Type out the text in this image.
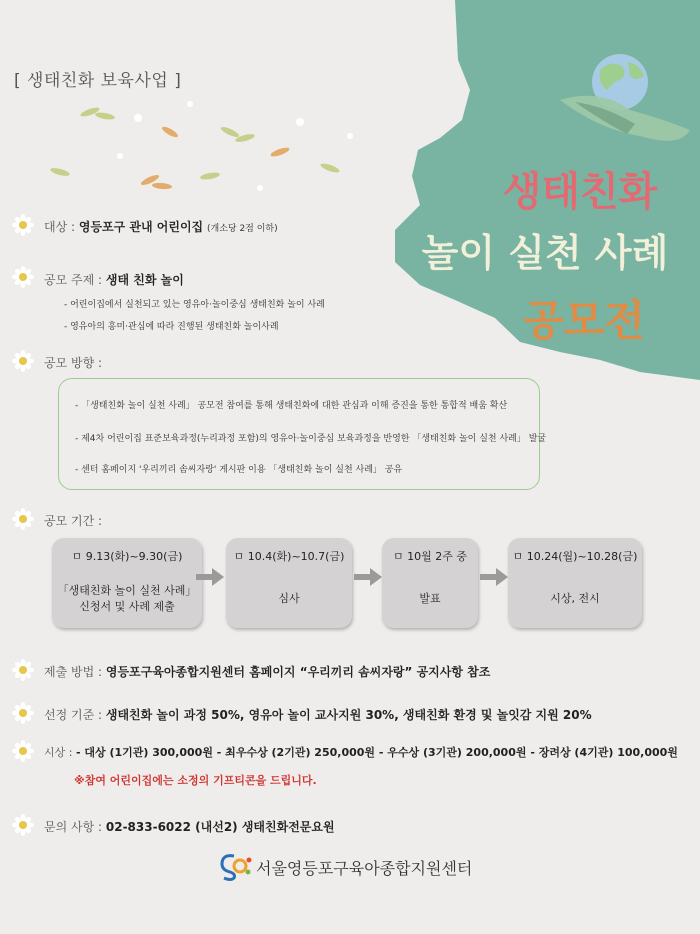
[ 생태친화 보육사업 ]
생태친화
놀이 실천 사례
공모전
대상 : 영등포구 관내 어린이집 (개소당 2점 이하)
공모 주제 : 생태 친화 놀이
- 어린이집에서 실천되고 있는 영유아·놀이중심 생태친화 놀이 사례
- 영유아의 흥미·관심에 따라 진행된 생태친화 놀이사례
공모 방향 :
- 「생태친화 놀이 실천 사례」 공모전 참여를 통해 생태친화에 대한 관심과 이해 증진을 통한 통합적 배움 확산
- 제4차 어린이집 표준보육과정(누리과정 포함)의 영유아·놀이중심 보육과정을 반영한 「생태친화 놀이 실천 사례」 발굴
- 센터 홈페이지 '우리끼리 솜씨자랑' 게시판 이용 「생태친화 놀이 실천 사례」 공유
공모 기간 :
ㅁ 9.13(화)~9.30(금)
「생태친화 놀이 실천 사례」
신청서 및 사례 제출
ㅁ 10.4(화)~10.7(금)
심사
ㅁ 10월 2주 중
발표
ㅁ 10.24(월)~10.28(금)
시상, 전시
제출 방법 : 영등포구육아종합지원센터 홈페이지 “우리끼리 솜씨자랑” 공지사항 참조
선정 기준 : 생태친화 놀이 과정 50%, 영유아 놀이 교사지원 30%, 생태친화 환경 및 놀잇감 지원 20%
시상 : - 대상 (1기관) 300,000원 - 최우수상 (2기관) 250,000원 - 우수상 (3기관) 200,000원 - 장려상 (4기관) 100,000원
※참여 어린이집에는 소정의 기프티콘을 드립니다.
문의 사항 : 02-833-6022 (내선2) 생태친화전문요원
서울영등포구육아종합지원센터
